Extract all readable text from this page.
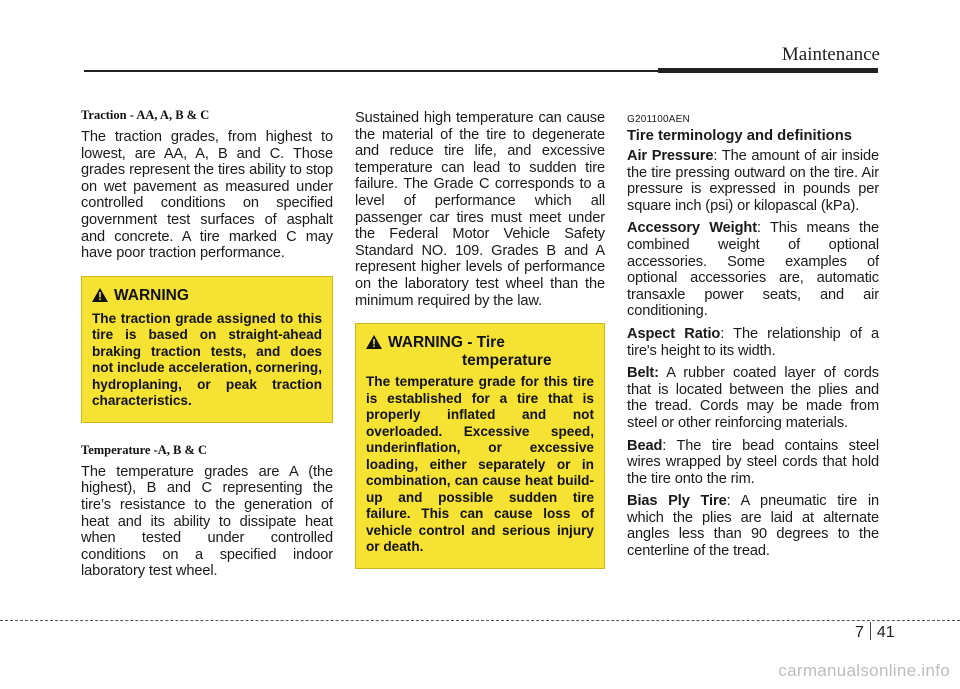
Maintenance

Traction - AA, A, B & C

The traction grades, from highest to lowest, are AA, A, B and C. Those grades represent the tires ability to stop on wet pavement as measured under controlled conditions on specified government test surfaces of asphalt and concrete. A tire marked C may have poor traction performance.

WARNING

The traction grade assigned to this tire is based on straight-ahead braking traction tests, and does not include acceleration, cornering, hydroplaning, or peak traction characteristics.

Temperature -A, B & C

The temperature grades are A (the highest), B and C representing the tire’s resistance to the generation of heat and its ability to dissipate heat when tested under controlled conditions on a specified indoor laboratory test wheel.

Sustained high temperature can cause the material of the tire to degenerate and reduce tire life, and excessive temperature can lead to sudden tire failure. The Grade C corresponds to a level of performance which all passenger car tires must meet under the Federal Motor Vehicle Safety Standard NO. 109. Grades B and A represent higher levels of performance on the laboratory test wheel than the minimum required by the law.

WARNING - Tire
temperature

The temperature grade for this tire is established for a tire that is properly inflated and not overloaded. Excessive speed, underinflation, or excessive loading, either separately or in combination, can cause heat build-up and possible sudden tire failure. This can cause loss of vehicle control and serious injury or death.

G201100AEN

Tire terminology and definitions

Air Pressure: The amount of air inside the tire pressing outward on the tire. Air pressure is expressed in pounds per square inch (psi) or kilopascal (kPa).

Accessory Weight: This means the combined weight of optional accessories. Some examples of optional accessories are, automatic transaxle power seats, and air conditioning.

Aspect Ratio: The relationship of a tire's height to its width.

Belt: A rubber coated layer of cords that is located between the plies and the tread. Cords may be made from steel or other reinforcing materials.

Bead: The tire bead contains steel wires wrapped by steel cords that hold the tire onto the rim.

Bias Ply Tire: A pneumatic tire in which the plies are laid at alternate angles less than 90 degrees to the centerline of the tread.

7 41
carmanualsonline.info
